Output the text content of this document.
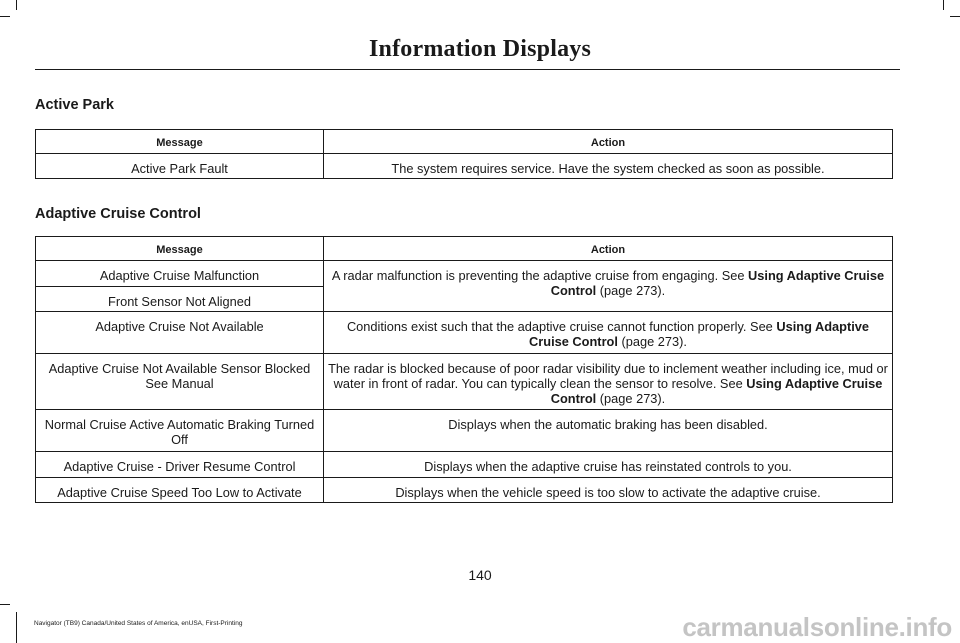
Information Displays
Active Park
Message	Action
Active Park Fault	The system requires service. Have the system checked as soon as possible.
Adaptive Cruise Control
Message	Action
Adaptive Cruise Malfunction	A radar malfunction is preventing the adaptive cruise from engaging. See Using Adaptive Cruise Control (page 273).
Front Sensor Not Aligned	
Adaptive Cruise Not Available	Conditions exist such that the adaptive cruise cannot function properly. See Using Adaptive Cruise Control (page 273).
Adaptive Cruise Not Available Sensor Blocked See Manual	The radar is blocked because of poor radar visibility due to inclement weather including ice, mud or water in front of radar. You can typically clean the sensor to resolve. See Using Adaptive Cruise Control (page 273).
Normal Cruise Active Automatic Braking Turned Off	Displays when the automatic braking has been disabled.
Adaptive Cruise - Driver Resume Control	Displays when the adaptive cruise has reinstated controls to you.
Adaptive Cruise Speed Too Low to Activate	Displays when the vehicle speed is too slow to activate the adaptive cruise.
140
Navigator (TB9) Canada/United States of America, enUSA, First-Printing	carmanualsonline.info
